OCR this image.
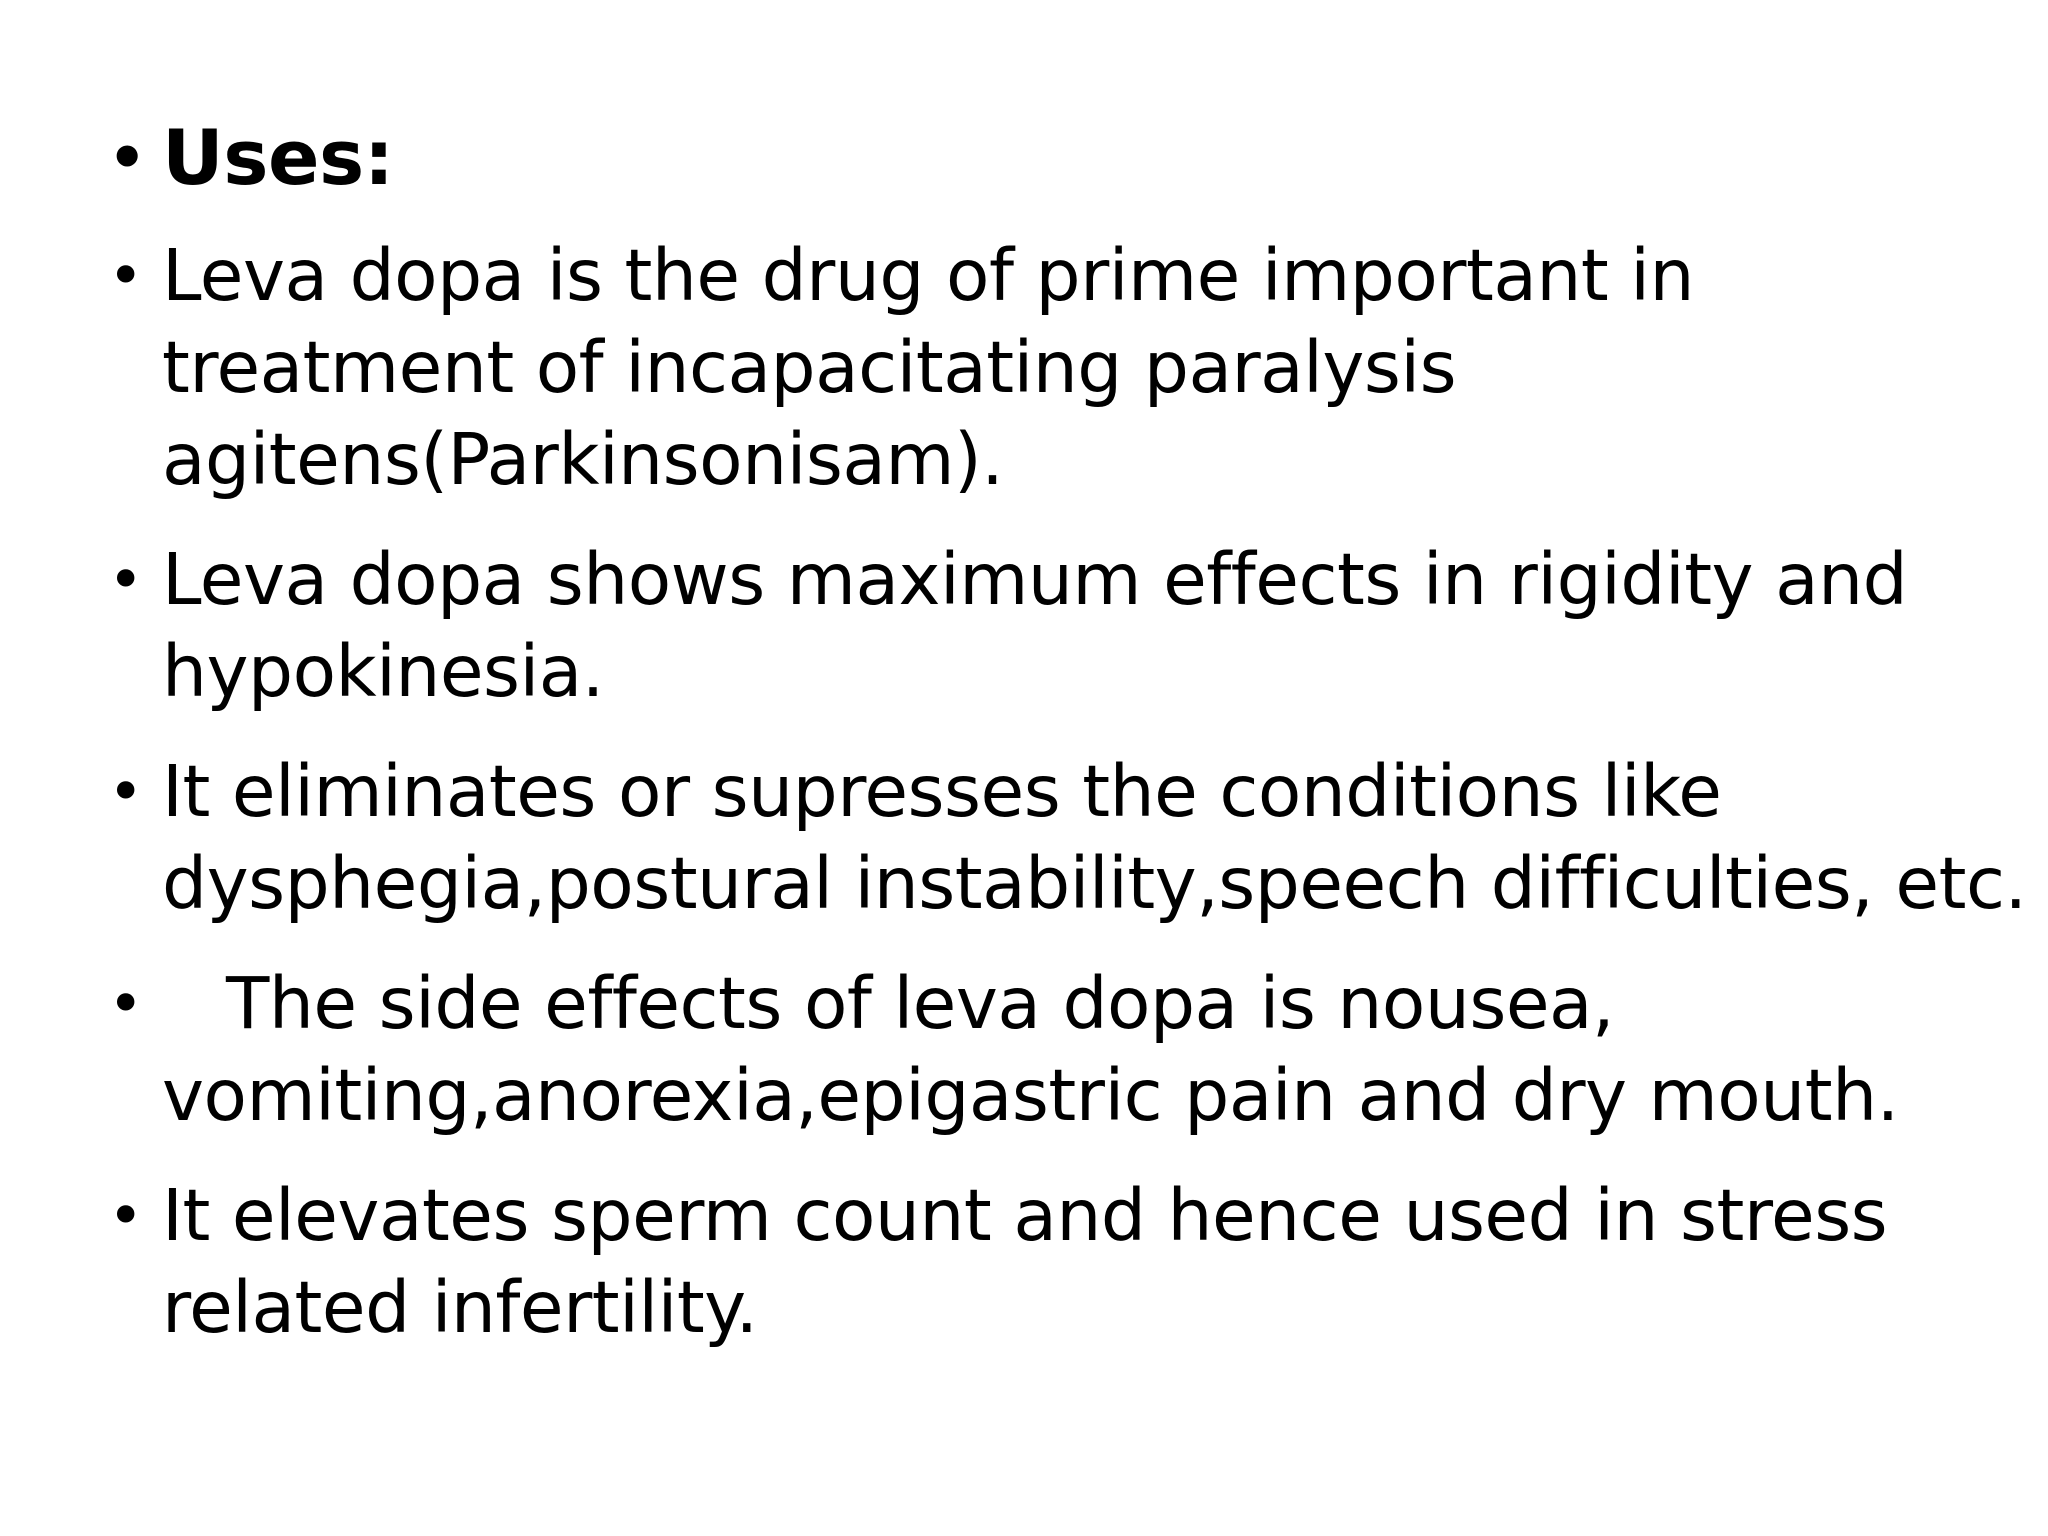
• Uses:
• Leva dopa is the drug of prime important in
treatment of incapacitating paralysis
agitens(Parkinsonisam).
• Leva dopa shows maximum effects in rigidity and
hypokinesia.
• It eliminates or supresses the conditions like
dysphegia,postural instability,speech difficulties, etc.
•	The side effects of leva dopa is nousea,
vomiting,anorexia,epigastric pain and dry mouth.
• It elevates sperm count and hence used in stress
related infertility.
